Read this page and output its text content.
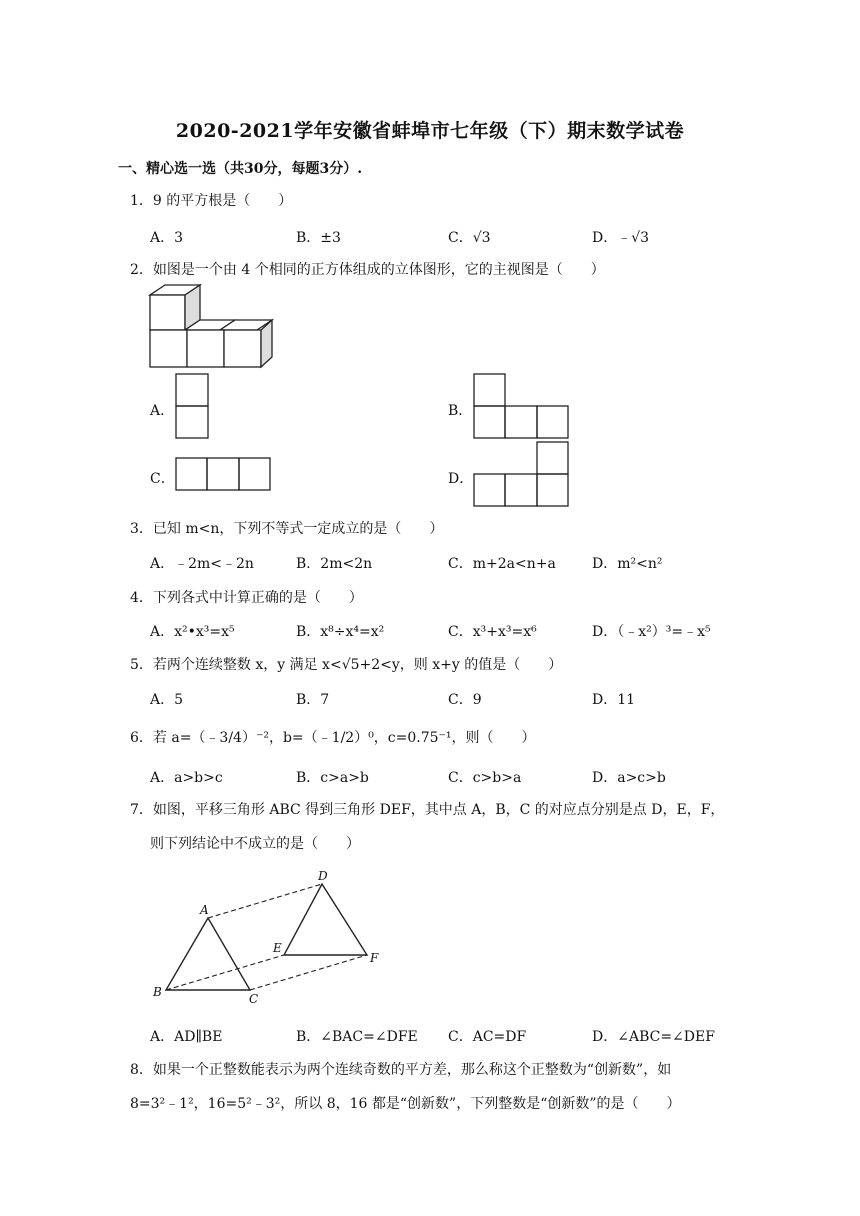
2020-2021学年安徽省蚌埠市七年级（下）期末数学试卷
一、精心选一选（共30分，每题3分）.
1．9 的平方根是（　　）
A．3	B．±3	C．√3	D．﹣√3
2．如图是一个由 4 个相同的正方体组成的立体图形，它的主视图是（　　）
A．	B．
C．	D．
3．已知 m<n，下列不等式一定成立的是（　　）
A．﹣2m<﹣2n	B．2m<2n	C．m+2a<n+a	D．m²<n²
4．下列各式中计算正确的是（　　）
A．x²•x³=x⁵	B．x⁸÷x⁴=x²	C．x³+x³=x⁶	D．（﹣x²）³=﹣x⁵
5．若两个连续整数 x，y 满足 x<√5+2<y，则 x+y 的值是（　　）
A．5	B．7	C．9	D．11
6．若 a=（﹣3/4）⁻²，b=（﹣1/2）⁰，c=0.75⁻¹，则（　　）
A．a>b>c	B．c>a>b	C．c>b>a	D．a>c>b
7．如图，平移三角形 ABC 得到三角形 DEF，其中点 A，B，C 的对应点分别是点 D，E，F，
则下列结论中不成立的是（　　）
A
B	C
D
E
F
A．AD∥BE	B．∠BAC=∠DFE C．AC=DF	D．∠ABC=∠DEF
8．如果一个正整数能表示为两个连续奇数的平方差，那么称这个正整数为“创新数”，如
8=3²﹣1²，16=5²﹣3²，所以 8，16 都是“创新数”，下列整数是“创新数”的是（　　）
